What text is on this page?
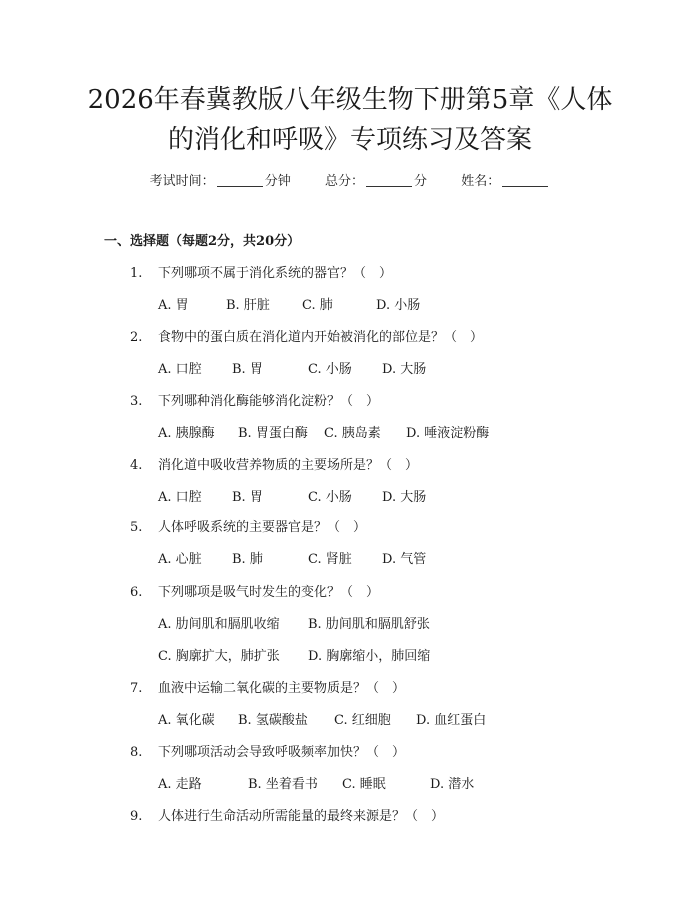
2026年春冀教版八年级生物下册第5章《人体的消化和呼吸》专项练习及答案
考试时间：	分钟	总分：	分	姓名：
一、选择题（每题2分，共20分）
1. 下列哪项不属于消化系统的器官？（　）
A. 胃	B. 肝脏 C. 肺	D. 小肠
2. 食物中的蛋白质在消化道内开始被消化的部位是？（　）
A. 口腔 B. 胃	C. 小肠 D. 大肠
3. 下列哪种消化酶能够消化淀粉？（　）
A. 胰腺酶 B. 胃蛋白酶 C. 胰岛素 D. 唾液淀粉酶
4. 消化道中吸收营养物质的主要场所是？（　）
A. 口腔 B. 胃	C. 小肠 D. 大肠
5. 人体呼吸系统的主要器官是？（　）
A. 心脏 B. 肺	C. 肾脏 D. 气管
6. 下列哪项是吸气时发生的变化？（　）
A. 肋间肌和膈肌收缩 B. 肋间肌和膈肌舒张
C. 胸廓扩大，肺扩张 D. 胸廓缩小，肺回缩
7. 血液中运输二氧化碳的主要物质是？（　）
A. 氧化碳 B. 氢碳酸盐 C. 红细胞 D. 血红蛋白
8. 下列哪项活动会导致呼吸频率加快？（　）
A. 走路	B. 坐着看书 C. 睡眠	D. 潜水
9. 人体进行生命活动所需能量的最终来源是？（　）
